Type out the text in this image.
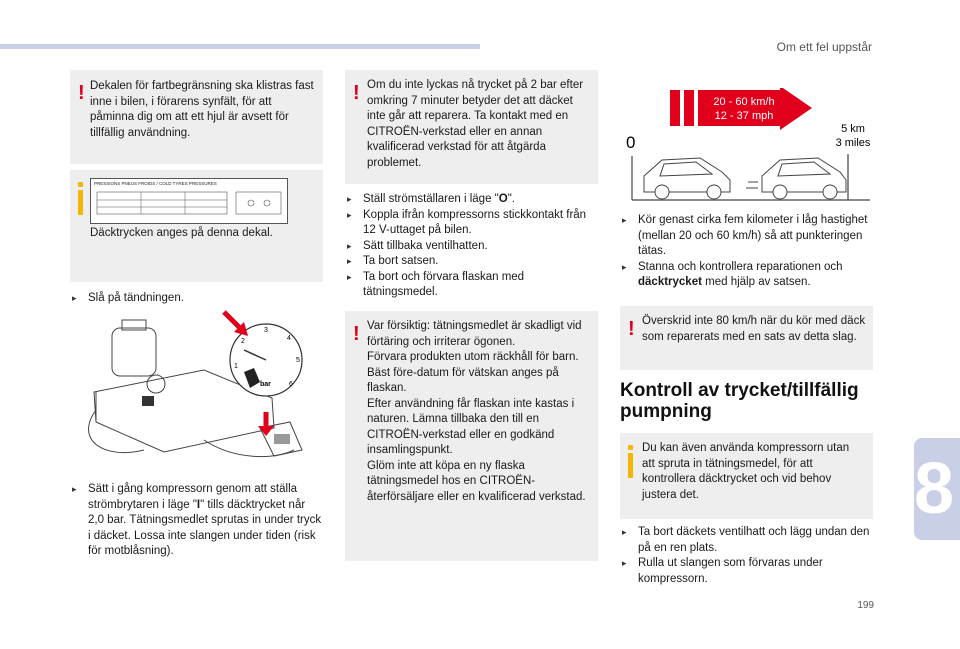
Om ett fel uppstår
199
8
! Dekalen för fartbegränsning ska klistras fast inne i bilen, i förarens synfält, för att påminna dig om att ett hjul är avsett för tillfällig användning.
PRESSIONS PNEUS FROIDS / COLD TYRES PRESSURES
Däcktrycken anges på denna dekal.
▸ Slå på tändningen.
1
2
3
4
5
6
bar
▸ Sätt i gång kompressorn genom att ställa strömbrytaren i läge "I" tills däcktrycket når 2,0 bar. Tätningsmedlet sprutas in under tryck i däcket. Lossa inte slangen under tiden (risk för motblåsning).
! Om du inte lyckas nå trycket på 2 bar efter omkring 7 minuter betyder det att däcket inte går att reparera. Ta kontakt med en CITROËN-verkstad eller en annan kvalificerad verkstad för att åtgärda problemet.
▸ Ställ strömställaren i läge "O".
▸ Koppla ifrån kompressorns stickkontakt från 12 V-uttaget på bilen.
▸ Sätt tillbaka ventilhatten.
▸ Ta bort satsen.
▸ Ta bort och förvara flaskan med tätningsmedel.
! Var försiktig: tätningsmedlet är skadligt vid förtäring och irriterar ögonen.
Förvara produkten utom räckhåll för barn.
Bäst före-datum för vätskan anges på flaskan.
Efter användning får flaskan inte kastas i naturen. Lämna tillbaka den till en CITROËN-verkstad eller en godkänd insamlingspunkt.
Glöm inte att köpa en ny flaska tätningsmedel hos en CITROËN-återförsäljare eller en kvalificerad verkstad.
20 - 60 km/h
12 - 37 mph
5 km
3 miles
0
▸ Kör genast cirka fem kilometer i låg hastighet (mellan 20 och 60 km/h) så att punkteringen tätas.
▸ Stanna och kontrollera reparationen och däcktrycket med hjälp av satsen.
! Överskrid inte 80 km/h när du kör med däck som reparerats med en sats av detta slag.
Kontroll av trycket/tillfällig pumpning
Du kan även använda kompressorn utan att spruta in tätningsmedel, för att kontrollera däcktrycket och vid behov justera det.
▸ Ta bort däckets ventilhatt och lägg undan den på en ren plats.
▸ Rulla ut slangen som förvaras under kompressorn.
